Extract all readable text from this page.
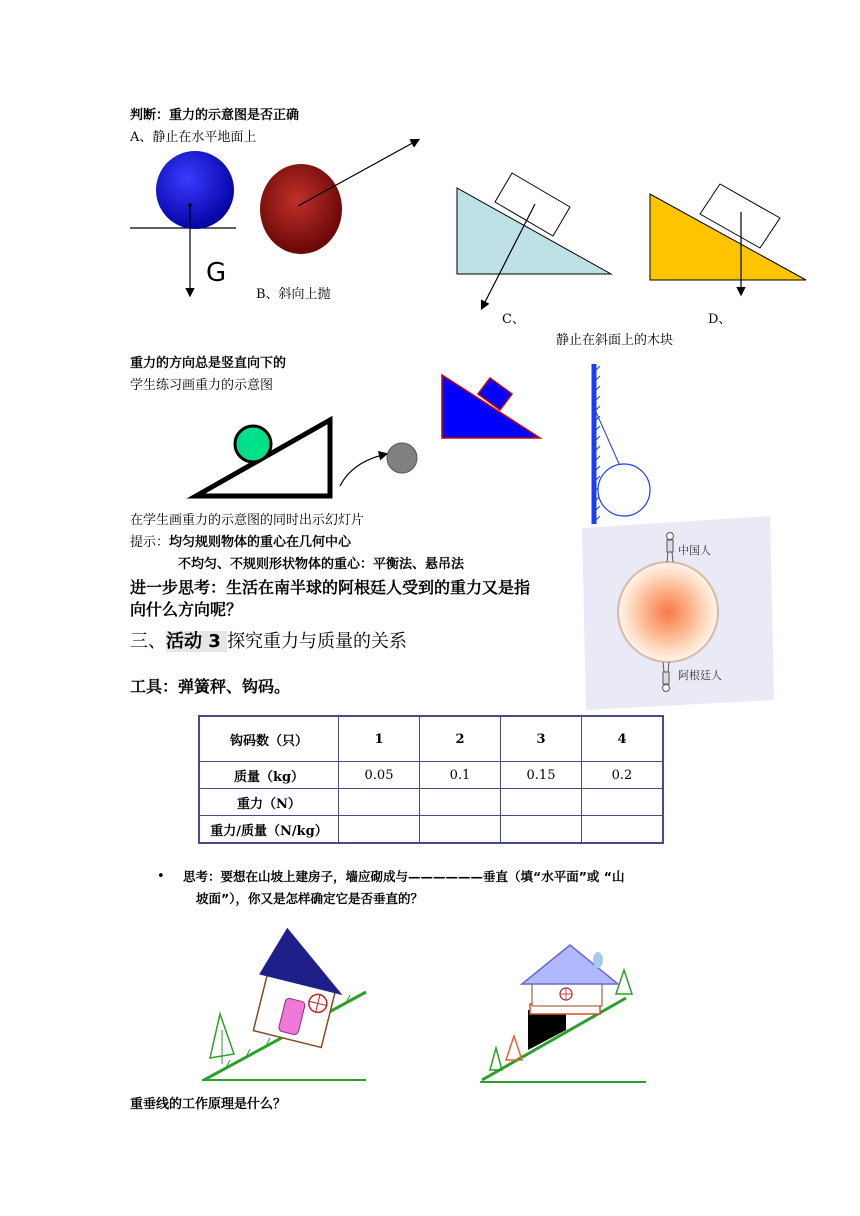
判断：重力的示意图是否正确
A、静止在水平地面上
G
B、斜向上抛
C、	D、
静止在斜面上的木块
重力的方向总是竖直向下的
学生练习画重力的示意图
在学生画重力的示意图的同时出示幻灯片
提示：均匀规则物体的重心在几何中心
不均匀、不规则形状物体的重心：平衡法、悬吊法
进一步思考：生活在南半球的阿根廷人受到的重力又是指
向什么方向呢？
中国人
阿根廷人
三、活动 3 探究重力与质量的关系
工具：弹簧秤、钩码。
钩码数（只）	1	2	3	4
质量（kg）	0.05	0.1	0.15	0.2
重力（N）				
重力/质量（N/kg）				
• 思考：要想在山坡上建房子，墙应砌成与——————垂直（填“水平面”或 “山
坡面”），你又是怎样确定它是否垂直的？
重垂线的工作原理是什么？
